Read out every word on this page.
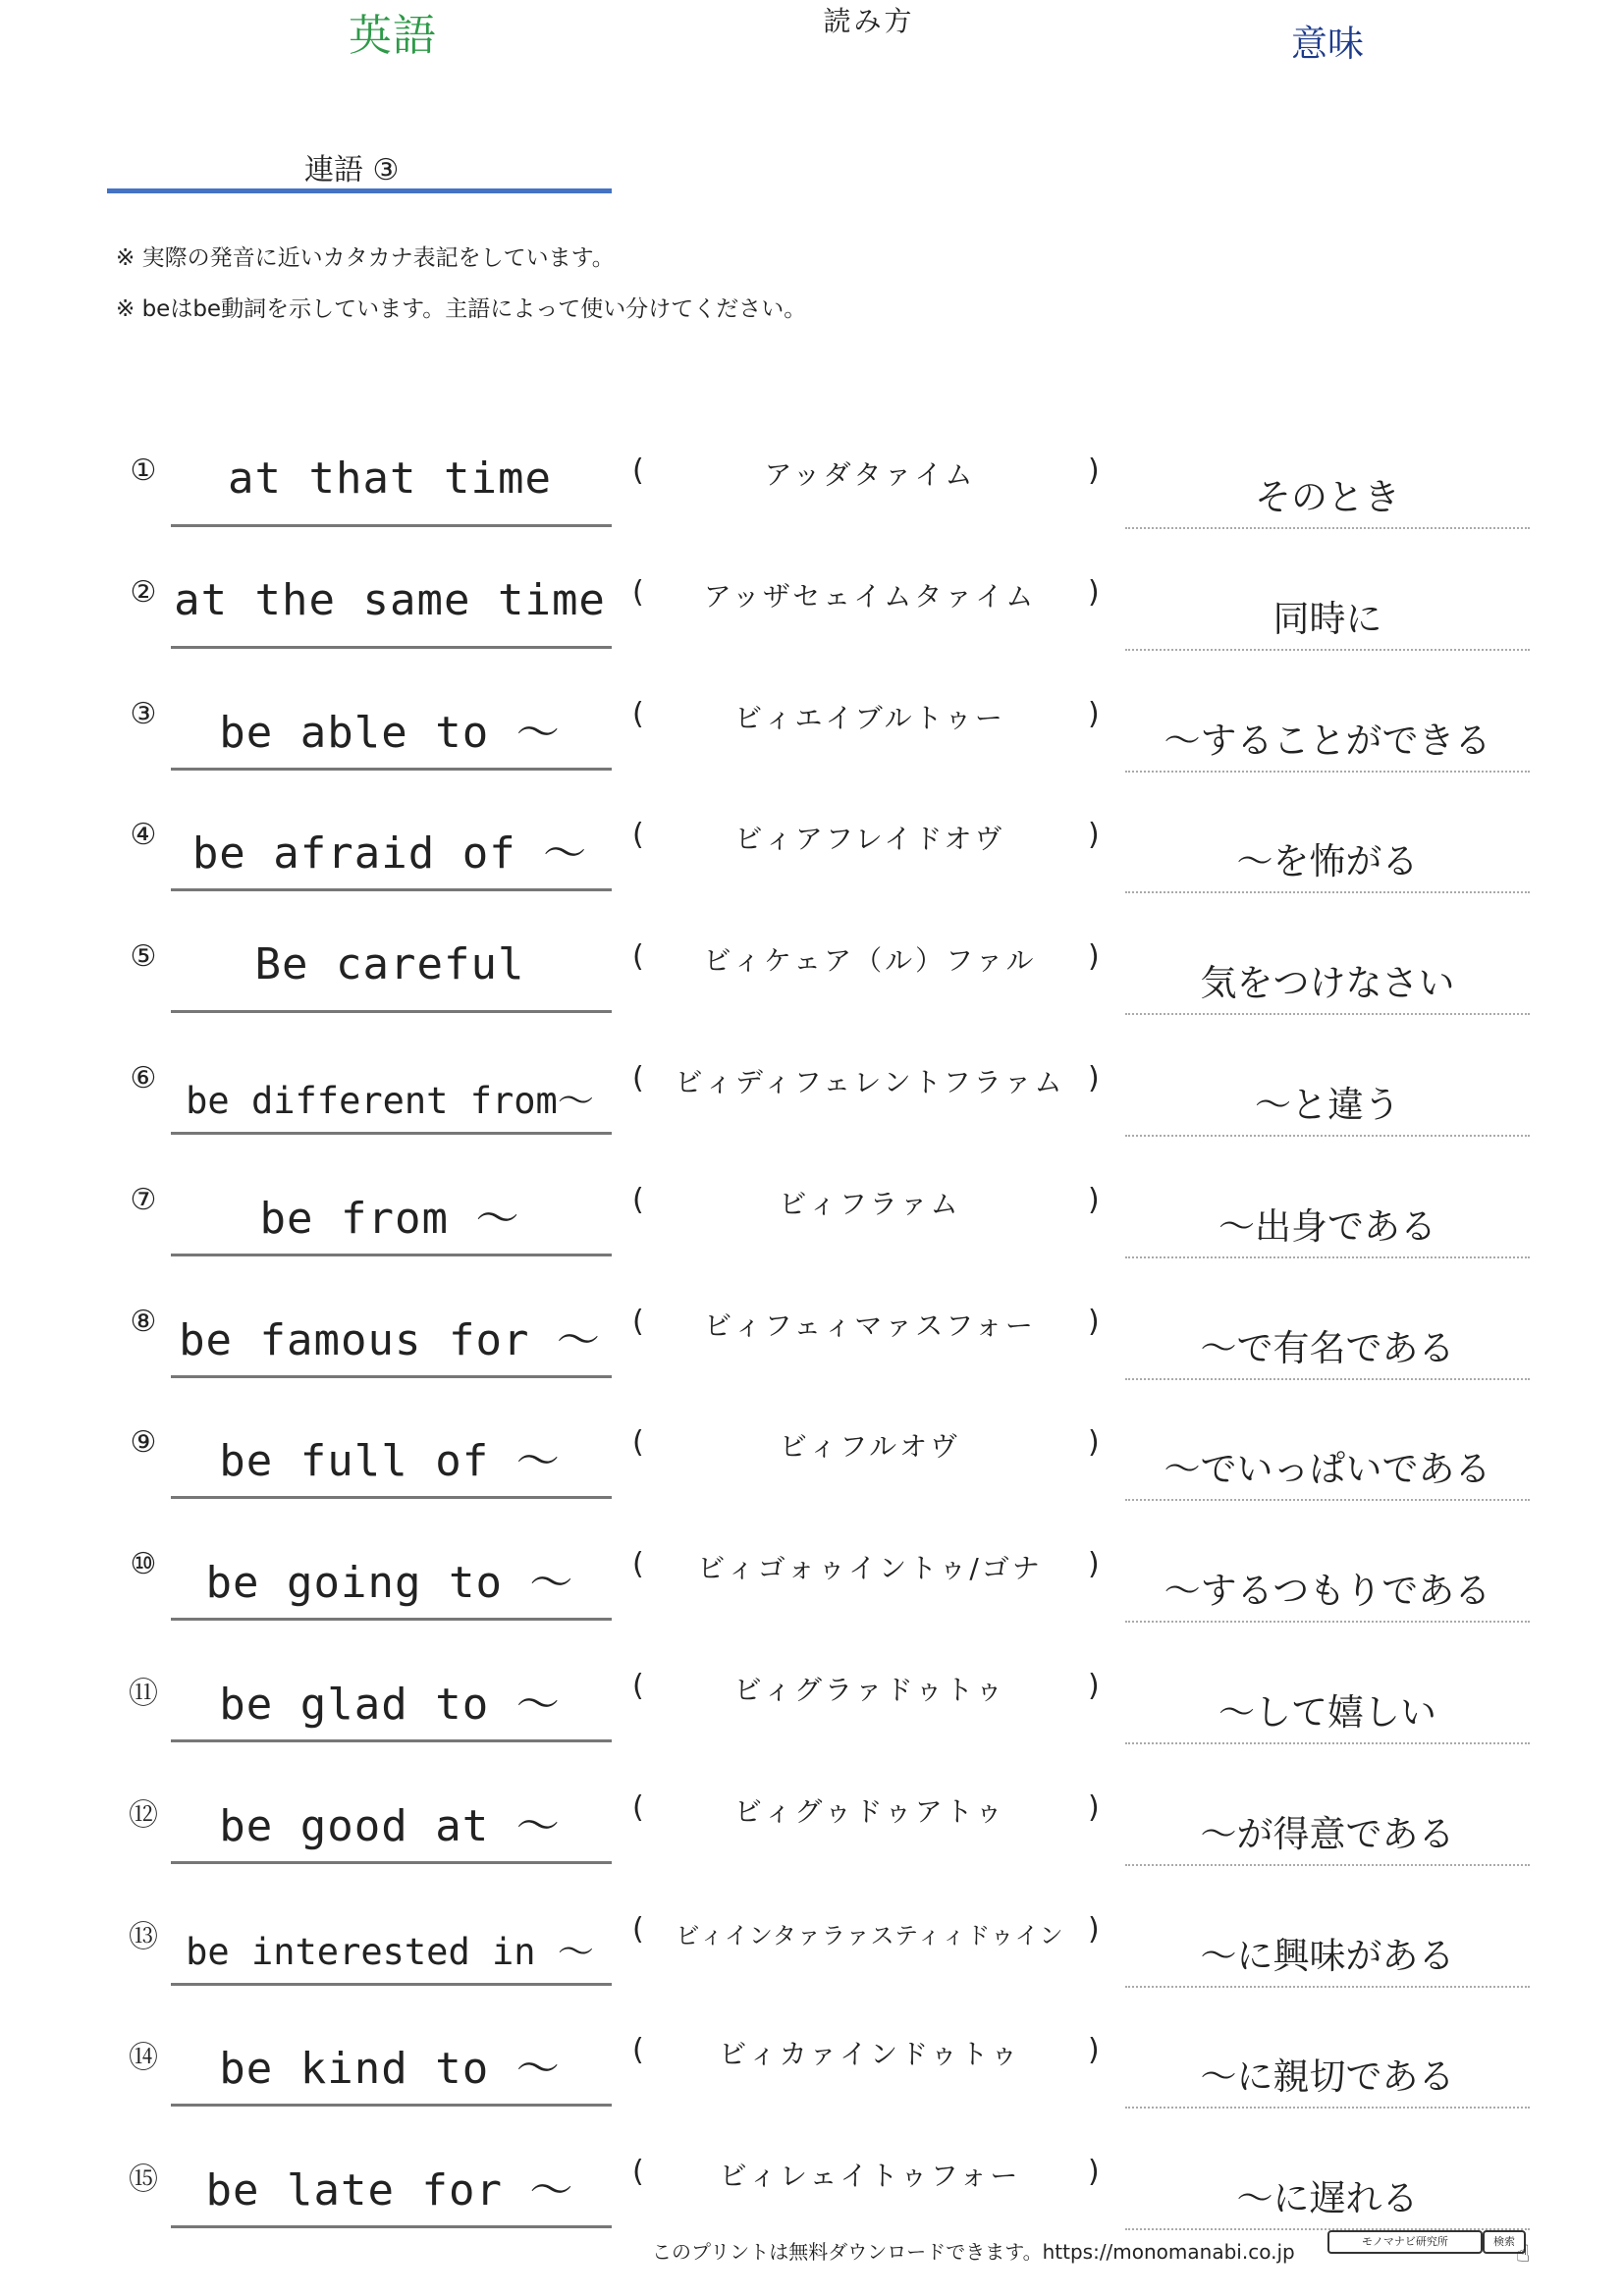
連語 ③
※ 実際の発音に近いカタカナ表記をしています。
※ beはbe動詞を示しています。主語によって使い分けてください。
英語	読み方
意味
①	at that time	(	アッダタァイム	)
そのとき
② at the same time (	アッザセェイムタァイム	)
同時に
③	be able to ～	(	ビィエイブルトゥー	)
～することができる
④ be afraid of ～	(	ビィアフレイドオヴ	)
～を怖がる
⑤	Be careful	(	ビィケェア（ル）ファル	)
気をつけなさい
⑥
be different from～
(	ビィディフェレントフラァム )
～と違う
⑦	be from ～	(	ビィフラァム	)
～出身である
⑧ be famous for ～ (	ビィフェィマァスフォー	)
～で有名である
⑨	be full of ～	(	ビィフルオヴ	)
～でいっぱいである
⑩	be going to ～	(	ビィゴォゥイントゥ/ゴナ	)
～するつもりである
⑪	be glad to ～	(	ビィグラァドゥトゥ	)
～して嬉しい
⑫	be good at ～	(	ビィグゥドゥアトゥ	)
～が得意である
⑬ be interested in ～
(	ビィインタァラァスティィドゥイン )
～に興味がある
⑭	be kind to ～	(	ビィカァインドゥトゥ	)
～に親切である
⑮	be late for ～	(	ビィレェイトゥフォー	)
～に遅れる
このプリントは無料ダウンロードできます。https://monomanabi.co.jp	モノマナビ研究所	検索 ☝
